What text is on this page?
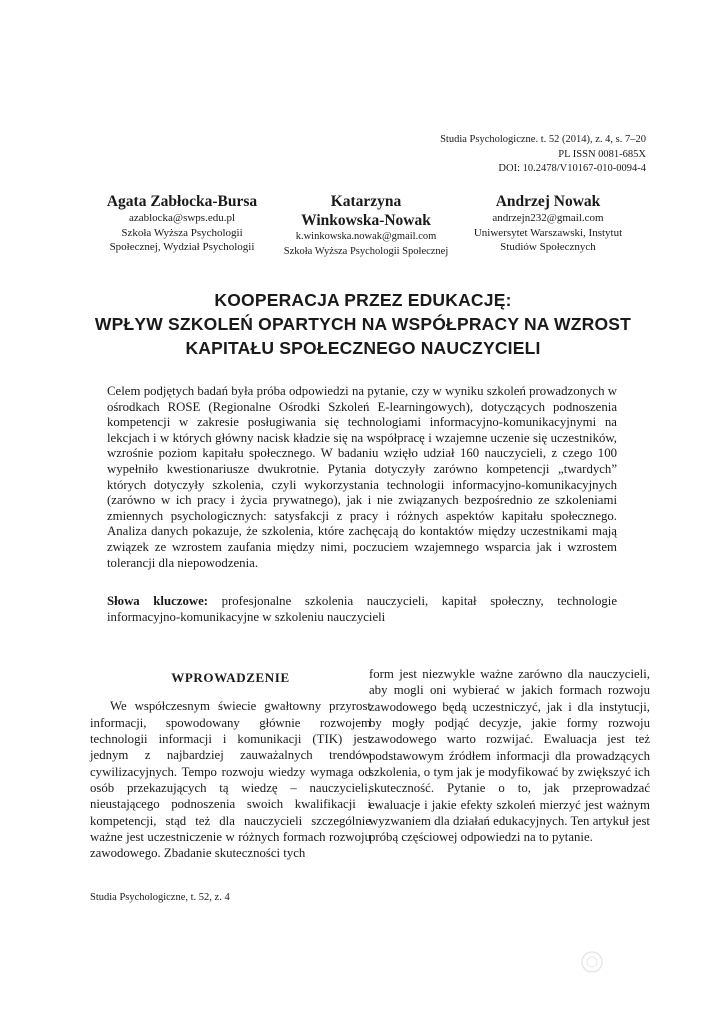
Studia Psychologiczne. t. 52 (2014), z. 4, s. 7–20
PL ISSN 0081-685X
DOI: 10.2478/V10167-010-0094-4
Agata Zabłocka-Bursa
azablocka@swps.edu.pl
Szkoła Wyższa Psychologii
Społecznej, Wydział Psychologii
Katarzyna
Winkowska-Nowak
k.winkowska.nowak@gmail.com
Szkoła Wyższa Psychologii Społecznej
Andrzej Nowak
andrzejn232@gmail.com
Uniwersytet Warszawski, Instytut
Studiów Społecznych
KOOPERACJA PRZEZ EDUKACJĘ:
WPŁYW SZKOLEŃ OPARTYCH NA WSPÓŁPRACY NA WZROST
KAPITAŁU SPOŁECZNEGO NAUCZYCIELI
Celem podjętych badań była próba odpowiedzi na pytanie, czy w wyniku szkoleń prowadzonych w ośrodkach ROSE (Regionalne Ośrodki Szkoleń E-learningowych), dotyczących podnoszenia kompetencji w zakresie posługiwania się technologiami informacyjno-komunikacyjnymi na lekcjach i w których główny nacisk kładzie się na współpracę i wzajemne uczenie się uczestników, wzrośnie poziom kapitału społecznego. W badaniu wzięło udział 160 nauczycieli, z czego 100 wypełniło kwestionariusze dwukrotnie. Pytania dotyczyły zarówno kompetencji „twardych” których dotyczyły szkolenia, czyli wykorzystania technologii informacyjno-komunikacyjnych (zarówno w ich pracy i życia prywatnego), jak i nie związanych bezpośrednio ze szkoleniami zmiennych psychologicznych: satysfakcji z pracy i różnych aspektów kapitału społecznego. Analiza danych pokazuje, że szkolenia, które zachęcają do kontaktów między uczestnikami mają związek ze wzrostem zaufania między nimi, poczuciem wzajemnego wsparcia jak i wzrostem tolerancji dla niepowodzenia.
Słowa kluczowe: profesjonalne szkolenia nauczycieli, kapitał społeczny, technologie informacyjno-komunikacyjne w szkoleniu nauczycieli
WPROWADZENIE

We współczesnym świecie gwałtowny przyrost informacji, spowodowany głównie rozwojem technologii informacji i komunikacji (TIK) jest jednym z najbardziej zauważalnych trendów cywilizacyjnych. Tempo rozwoju wiedzy wymaga od osób przekazujących tą wiedzę – nauczycieli, nieustającego podnoszenia swoich kwalifikacji i kompetencji, stąd też dla nauczycieli szczególnie ważne jest uczestniczenie w różnych formach rozwoju zawodowego. Zbadanie skuteczności tych

form jest niezwykle ważne zarówno dla nauczycieli, aby mogli oni wybierać w jakich formach rozwoju zawodowego będą uczestniczyć, jak i dla instytucji, by mogły podjąć decyzje, jakie formy rozwoju zawodowego warto rozwijać. Ewaluacja jest też podstawowym źródłem informacji dla prowadzących szkolenia, o tym jak je modyfikować by zwiększyć ich skuteczność. Pytanie o to, jak przeprowadzać ewaluacje i jakie efekty szkoleń mierzyć jest ważnym wyzwaniem dla działań edukacyjnych. Ten artykuł jest próbą częściowej odpowiedzi na to pytanie.

Studia Psychologiczne, t. 52, z. 4
